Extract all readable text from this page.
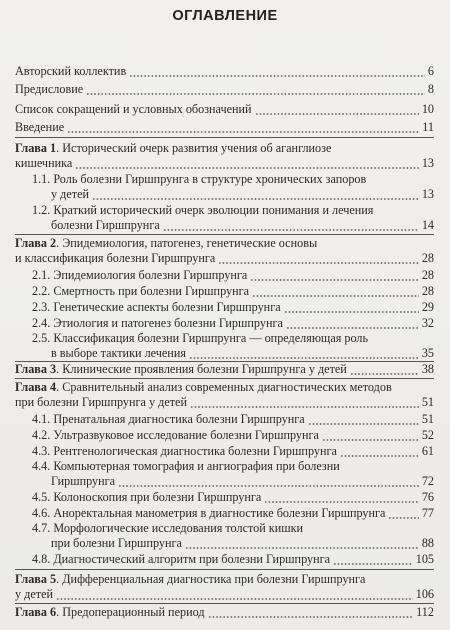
ОГЛАВЛЕНИЕ
Авторский коллектив	6
Предисловие	8
Список сокращений и условных обозначений	10
Введение	11
Глава 1. Исторический очерк развития учения об аганглиозе
кишечника	13
1.1. Роль болезни Гиршпрунга в структуре хронических запоров
у детей	13
1.2. Краткий исторический очерк эволюции понимания и лечения
болезни Гиршпрунга	14
Глава 2. Эпидемиология, патогенез, генетические основы
и классификация болезни Гиршпрунга	28
2.1. Эпидемиология болезни Гиршпрунга	28
2.2. Смертность при болезни Гиршпрунга	28
2.3. Генетические аспекты болезни Гиршпрунга	29
2.4. Этиология и патогенез болезни Гиршпрунга	32
2.5. Классификация болезни Гиршпрунга — определяющая роль
в выборе тактики лечения	35
Глава 3. Клинические проявления болезни Гиршпрунга у детей	38
Глава 4. Сравнительный анализ современных диагностических методов
при болезни Гиршпрунга у детей	51
4.1. Пренатальная диагностика болезни Гиршпрунга	51
4.2. Ультразвуковое исследование болезни Гиршпрунга	52
4.3. Рентгенологическая диагностика болезни Гиршпрунга	61
4.4. Компьютерная томография и ангиография при болезни
Гиршпрунга	72
4.5. Колоноскопия при болезни Гиршпрунга	76
4.6. Аноректальная манометрия в диагностике болезни Гиршпрунга	77
4.7. Морфологические исследования толстой кишки
при болезни Гиршпрунга	88
4.8. Диагностический алгоритм при болезни Гиршпрунга	105
Глава 5. Дифференциальная диагностика при болезни Гиршпрунга
у детей	106
Глава 6. Предоперационный период	112
